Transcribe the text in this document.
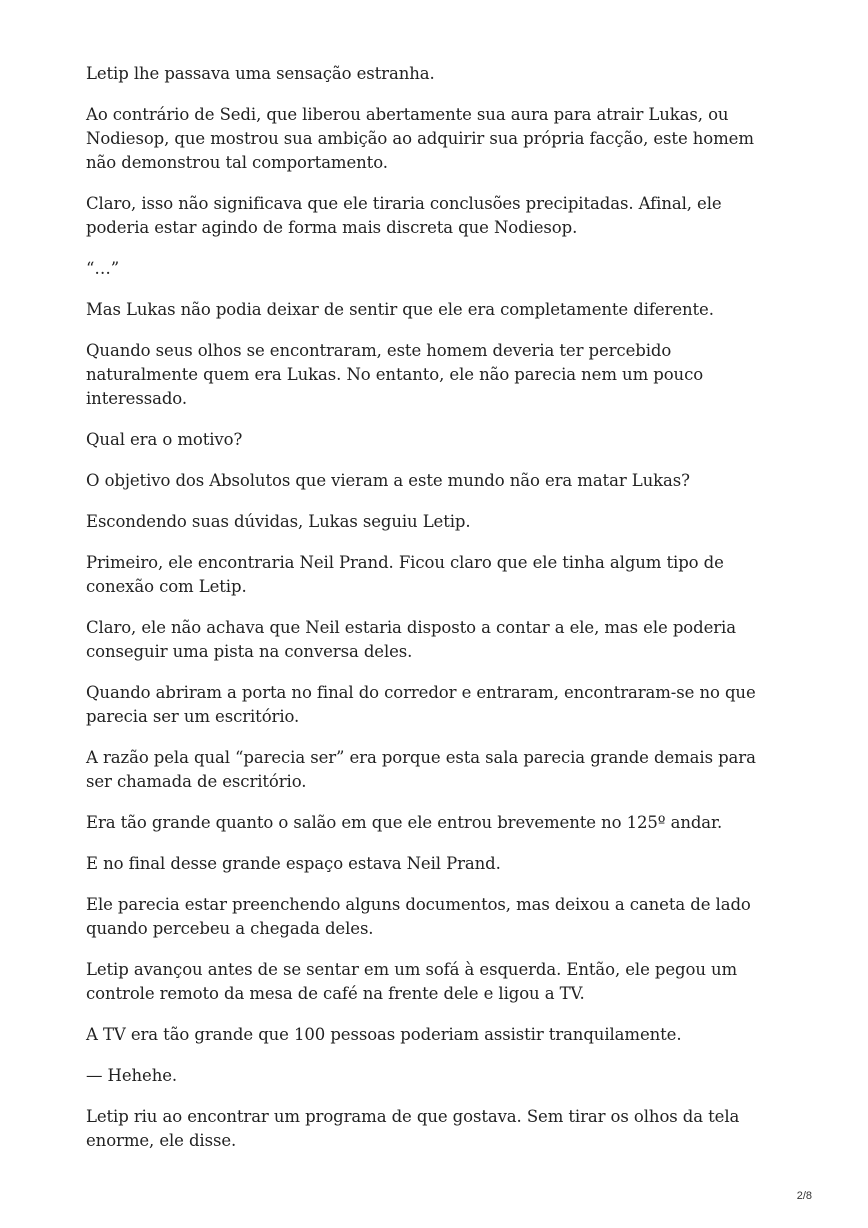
Letip lhe passava uma sensação estranha.

Ao contrário de Sedi, que liberou abertamente sua aura para atrair Lukas, ou Nodiesop, que mostrou sua ambição ao adquirir sua própria facção, este homem não demonstrou tal comportamento.

Claro, isso não significava que ele tiraria conclusões precipitadas. Afinal, ele poderia estar agindo de forma mais discreta que Nodiesop.

“…”

Mas Lukas não podia deixar de sentir que ele era completamente diferente.

Quando seus olhos se encontraram, este homem deveria ter percebido naturalmente quem era Lukas. No entanto, ele não parecia nem um pouco interessado.

Qual era o motivo?

O objetivo dos Absolutos que vieram a este mundo não era matar Lukas?

Escondendo suas dúvidas, Lukas seguiu Letip.

Primeiro, ele encontraria Neil Prand. Ficou claro que ele tinha algum tipo de conexão com Letip.

Claro, ele não achava que Neil estaria disposto a contar a ele, mas ele poderia conseguir uma pista na conversa deles.

Quando abriram a porta no final do corredor e entraram, encontraram-se no que parecia ser um escritório.

A razão pela qual “parecia ser” era porque esta sala parecia grande demais para ser chamada de escritório.

Era tão grande quanto o salão em que ele entrou brevemente no 125º andar.

E no final desse grande espaço estava Neil Prand.

Ele parecia estar preenchendo alguns documentos, mas deixou a caneta de lado quando percebeu a chegada deles.

Letip avançou antes de se sentar em um sofá à esquerda. Então, ele pegou um controle remoto da mesa de café na frente dele e ligou a TV.

A TV era tão grande que 100 pessoas poderiam assistir tranquilamente.

— Hehehe.

Letip riu ao encontrar um programa de que gostava. Sem tirar os olhos da tela enorme, ele disse.

2/8
